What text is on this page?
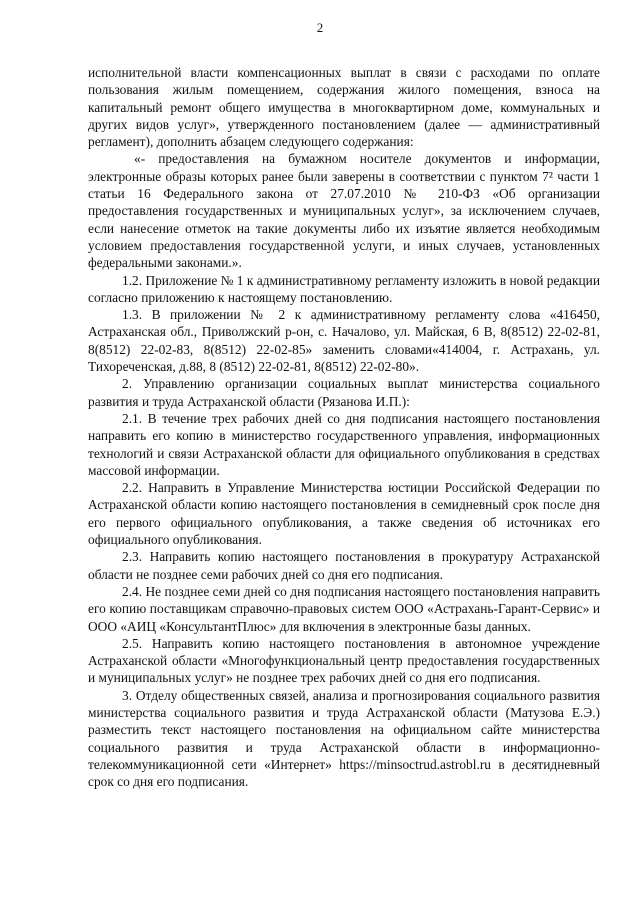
2

исполнительной власти компенсационных выплат в связи с расходами по оплате пользования жилым помещением, содержания жилого помещения, взноса на капитальный ремонт общего имущества в многоквартирном доме, коммунальных и других видов услуг», утвержденного постановлением (далее — административный регламент), дополнить абзацем следующего содержания:

«- предоставления на бумажном носителе документов и информации, электронные образы которых ранее были заверены в соответствии с пунктом 7² части 1 статьи 16 Федерального закона от 27.07.2010 № 210-ФЗ «Об организации предоставления государственных и муниципальных услуг», за исключением случаев, если нанесение отметок на такие документы либо их изъятие является необходимым условием предоставления государственной услуги, и иных случаев, установленных федеральными законами.».

1.2. Приложение № 1 к административному регламенту изложить в новой редакции согласно приложению к настоящему постановлению.

1.3. В приложении № 2 к административному регламенту слова «416450, Астраханская обл., Приволжский р-он, с. Началово, ул. Майская, 6 В, 8(8512) 22-02-81, 8(8512) 22-02-83, 8(8512) 22-02-85» заменить словами«414004, г. Астрахань, ул. Тихореченская, д.88, 8 (8512) 22-02-81, 8(8512) 22-02-80».

2. Управлению организации социальных выплат министерства социального развития и труда Астраханской области (Рязанова И.П.):

2.1. В течение трех рабочих дней со дня подписания настоящего постановления направить его копию в министерство государственного управления, информационных технологий и связи Астраханской области для официального опубликования в средствах массовой информации.

2.2. Направить в Управление Министерства юстиции Российской Федерации по Астраханской области копию настоящего постановления в семидневный срок после дня его первого официального опубликования, а также сведения об источниках его официального опубликования.

2.3. Направить копию настоящего постановления в прокуратуру Астраханской области не позднее семи рабочих дней со дня его подписания.

2.4. Не позднее семи дней со дня подписания настоящего постановления направить его копию поставщикам справочно-правовых систем ООО «Астрахань-Гарант-Сервис» и ООО «АИЦ «КонсультантПлюс» для включения в электронные базы данных.

2.5. Направить копию настоящего постановления в автономное учреждение Астраханской области «Многофункциональный центр предоставления государственных и муниципальных услуг» не позднее трех рабочих дней со дня его подписания.

3. Отделу общественных связей, анализа и прогнозирования социального развития министерства социального развития и труда Астраханской области (Матузова Е.Э.) разместить текст настоящего постановления на официальном сайте министерства социального развития и труда Астраханской области в информационно-телекоммуникационной сети «Интернет» https://minsoctrud.astrobl.ru в десятидневный срок со дня его подписания.
